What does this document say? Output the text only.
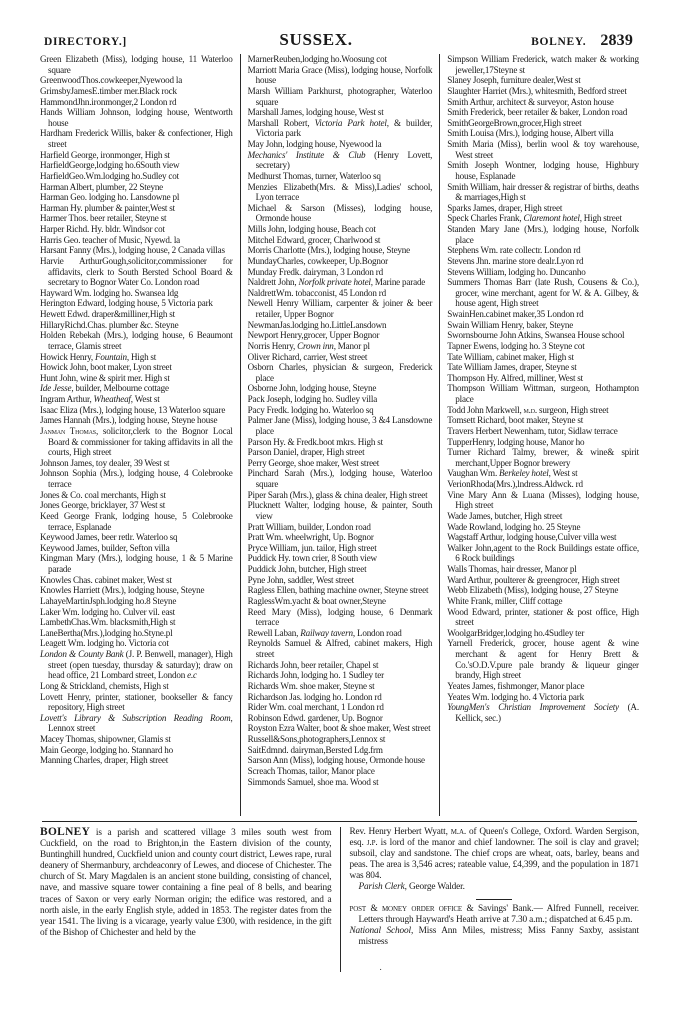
DIRECTORY.]	SUSSEX.	BOLNEY. 2839

Green Elizabeth (Miss), lodging house, 11 Waterloo square

GreenwoodThos.cowkeeper,Nyewood la

GrimsbyJamesE.timber mer.Black rock

HammondJhn.ironmonger,2 London rd

Hands William Johnson, lodging house, Wentworth house

Hardham Frederick Willis, baker & confectioner, High street

Harfield George, ironmonger, High st

HarfieldGeorge,lodging ho.6South view

HarfieldGeo.Wm.lodging ho.Sudley cot

Harman Albert, plumber, 22 Steyne

Harman Geo. lodging ho. Lansdowne pl

Harman Hy. plumber & painter,West st

Harmer Thos. beer retailer, Steyne st

Harper Richd. Hy. bldr. Windsor cot

Harris Geo. teacher of Music, Nyewd. la

Harsant Fanny (Mrs.), lodging house, 2 Canada villas

Harvie ArthurGough,solicitor,commissioner for affidavits, clerk to South Bersted School Board & secretary to Bognor Water Co. London road

Hayward Wm. lodging ho. Swansea ldg

Herington Edward, lodging house, 5 Victoria park

Hewett Edwd. draper&milliner,High st

HillaryRichd.Chas. plumber &c. Steyne

Holden Rebekah (Mrs.), lodging house, 6 Beaumont terrace, Glamis street

Howick Henry, Fountain, High st

Howick John, boot maker, Lyon street

Hunt John, wine & spirit mer. High st

Ide Jesse, builder, Melbourne cottage

Ingram Arthur, Wheatheaf, West st

Isaac Eliza (Mrs.), lodging house, 13 Waterloo square

James Hannah (Mrs.), lodging house, Steyne house

Janman Thomas, solicitor,clerk to the Bognor Local Board & commissioner for taking affidavits in all the courts, High street

Johnson James, toy dealer, 39 West st

Johnson Sophia (Mrs.), lodging house, 4 Colebrooke terrace

Jones & Co. coal merchants, High st

Jones George, bricklayer, 37 West st

Keed George Frank, lodging house, 5 Colebrooke terrace, Esplanade

Keywood James, beer retlr. Waterloo sq

Keywood James, builder, Sefton villa

Kingman Mary (Mrs.), lodging house, 1 & 5 Marine parade

Knowles Chas. cabinet maker, West st

Knowles Harriett (Mrs.), lodging house, Steyne

LahayeMartinJsph.lodging ho.8 Steyne

Laker Wm. lodging ho. Culver vil. east

LambethChas.Wm. blacksmith,High st

LaneBertha(Mrs.),lodging ho.Styne.pl

Leagett Wm. lodging ho. Victoria cot

London & County Bank (J. P. Benwell, manager), High street (open tuesday, thursday & saturday); draw on head office, 21 Lombard street, London e.c

Long & Strickland, chemists, High st

Lovett Henry, printer, stationer, bookseller & fancy repository, High street

Lovett's Library & Subscription Reading Room, Lennox street

Macey Thomas, shipowner, Glamis st

Main George, lodging ho. Stannard ho

Manning Charles, draper, High street

MarnerReuben,lodging ho.Woosung cot

Marriott Maria Grace (Miss), lodging house, Norfolk house

Marsh William Parkhurst, photographer, Waterloo square

Marshall James, lodging house, West st

Marshall Robert, Victoria Park hotel, & builder, Victoria park

May John, lodging house, Nyewood la

Mechanics' Institute & Club (Henry Lovett, secretary)

Medhurst Thomas, turner, Waterloo sq

Menzies Elizabeth(Mrs. & Miss),Ladies' school, Lyon terrace

Michael & Sarson (Misses), lodging house, Ormonde house

Mills John, lodging house, Beach cot

Mitchel Edward, grocer, Charlwood st

Morris Charlotte (Mrs.), lodging house, Steyne

MundayCharles, cowkeeper, Up.Bognor

Munday Fredk. dairyman, 3 London rd

Naldrett John, Norfolk private hotel, Marine parade

NaldrettWm. tobacconist, 45 London rd

Newell Henry William, carpenter & joiner & beer retailer, Upper Bognor

NewmanJas.lodging ho.LittleLansdown

Newport Henry,grocer, Upper Bognor

Norris Henry, Crown inn, Manor pl

Oliver Richard, carrier, West street

Osborn Charles, physician & surgeon, Frederick place

Osborne John, lodging house, Steyne

Pack Joseph, lodging ho. Sudley villa

Pacy Fredk. lodging ho. Waterloo sq

Palmer Jane (Miss), lodging house, 3 &4 Lansdowne place

Parson Hy. & Fredk.boot mkrs. High st

Parson Daniel, draper, High street

Perry George, shoe maker, West street

Pinchard Sarah (Mrs.), lodging house, Waterloo square

Piper Sarah (Mrs.), glass & china dealer, High street

Plucknett Walter, lodging house, & painter, South view

Pratt William, builder, London road

Pratt Wm. wheelwright, Up. Bognor

Pryce William, jun. tailor, High street

Puddick Hy. town crier, 8 South view

Puddick John, butcher, High street

Pyne John, saddler, West street

Ragless Ellen, bathing machine owner, Steyne street

RaglessWm.yacht & boat owner,Steyne

Reed Mary (Miss), lodging house, 6 Denmark terrace

Rewell Laban, Railway tavern, London road

Reynolds Samuel & Alfred, cabinet makers, High street

Richards John, beer retailer, Chapel st

Richards John, lodging ho. 1 Sudley ter

Richards Wm. shoe maker, Steyne st

Richardson Jas. lodging ho. London rd

Rider Wm. coal merchant, 1 London rd

Robinson Edwd. gardener, Up. Bognor

Royston Ezra Walter, boot & shoe maker, West street

Russell&Sons,photographers,Lennox st

SaitEdmnd. dairyman,Bersted Ldg.frm

Sarson Ann (Miss), lodging house, Ormonde house

Screach Thomas, tailor, Manor place

Simmonds Samuel, shoe ma. Wood st

Simpson William Frederick, watch maker & working jeweller,17Steyne st

Slaney Joseph, furniture dealer,West st

Slaughter Harriet (Mrs.), whitesmith, Bedford street

Smith Arthur, architect & surveyor, Aston house

Smith Frederick, beer retailer & baker, London road

SmithGeorgeBrown,grocer,High street

Smith Louisa (Mrs.), lodging house, Albert villa

Smith Maria (Miss), berlin wool & toy warehouse, West street

Smith Joseph Wontner, lodging house, Highbury house, Esplanade

Smith William, hair dresser & registrar of births, deaths & marriages,High st

Sparks James, draper, High street

Speck Charles Frank, Claremont hotel, High street

Standen Mary Jane (Mrs.), lodging house, Norfolk place

Stephens Wm. rate collectr. London rd

Stevens Jhn. marine store dealr.Lyon rd

Stevens William, lodging ho. Duncanho

Summers Thomas Barr (late Rush, Cousens & Co.), grocer, wine merchant, agent for W. & A. Gilbey, & house agent, High street

SwainHen.cabinet maker,35 London rd

Swain William Henry, baker, Steyne

Swornsbourne John Atkins, Swansea House school

Tapner Ewens, lodging ho. 3 Steyne cot

Tate William, cabinet maker, High st

Tate William James, draper, Steyne st

Thompson Hy. Alfred, milliner, West st

Thompson William Wittman, surgeon, Hothampton place

Todd John Markwell, m.d. surgeon, High street

Tomsett Richard, boot maker, Steyne st

Travers Herbert Newenham, tutor, Sidlaw terrace

TupperHenry, lodging house, Manor ho

Turner Richard Talmy, brewer, & wine& spirit merchant,Upper Bognor brewery

Vaughan Wm. Berkeley hotel, West st

VerionRhoda(Mrs.),lndress.Aldwck. rd

Vine Mary Ann & Luana (Misses), lodging house, High street

Wade James, butcher, High street

Wade Rowland, lodging ho. 25 Steyne

Wagstaff Arthur, lodging house,Culver villa west

Walker John,agent to the Rock Buildings estate office, 6 Rock buildings

Walls Thomas, hair dresser, Manor pl

Ward Arthur, poulterer & greengrocer, High street

Webb Elizabeth (Miss), lodging house, 27 Steyne

White Frank, miller, Cliff cottage

Wood Edward, printer, stationer & post office, High street

WoolgarBridger,lodging ho.4Sudley ter

Yarnell Frederick, grocer, house agent & wine merchant & agent for Henry Brett & Co.'sO.D.V.pure pale brandy & liqueur ginger brandy, High street

Yeates James, fishmonger, Manor place

Yeates Wm. lodging ho. 4 Victoria park

YoungMen's Christian Improvement Society (A. Kellick, sec.)

BOLNEY is a parish and scattered village 3 miles south west from Cuckfield, on the road to Brighton,in the Eastern division of the county, Buntinghill hundred, Cuckfield union and county court district, Lewes rape, rural deanery of Shermanbury, archdeaconry of Lewes, and diocese of Chichester. The church of St. Mary Magdalen is an ancient stone building, consisting of chancel, nave, and massive square tower containing a fine peal of 8 bells, and bearing traces of Saxon or very early Norman origin; the edifice was restored, and a north aisle, in the early English style, added in 1853. The register dates from the year 1541. The living is a vicarage, yearly value £300, with residence, in the gift of the Bishop of Chichester and held by the

Rev. Henry Herbert Wyatt, m.a. of Queen's College, Oxford. Warden Sergison, esq. j.p. is lord of the manor and chief landowner. The soil is clay and gravel; subsoil, clay and sandstone. The chief crops are wheat, oats, barley, beans and peas. The area is 3,546 acres; rateable value, £4,399, and the population in 1871 was 804.

Parish Clerk, George Walder.

post & money order office & Savings' Bank.— Alfred Funnell, receiver. Letters through Hayward's Heath arrive at 7.30 a.m.; dispatched at 6.45 p.m.

National School, Miss Ann Miles, mistress; Miss Fanny Saxby, assistant mistress

.
